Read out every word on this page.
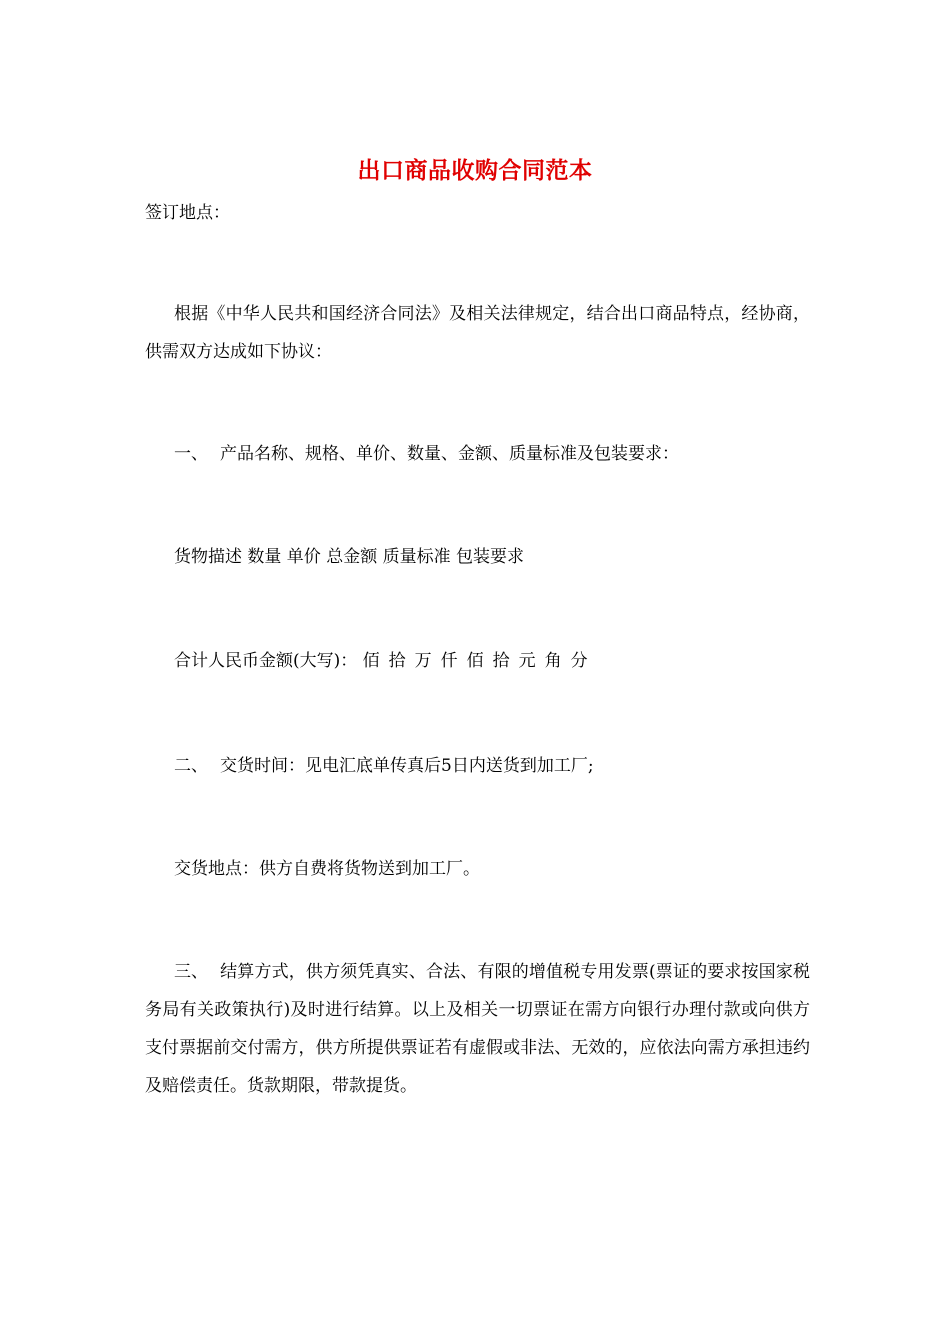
出口商品收购合同范本
签订地点：
根据《中华人民共和国经济合同法》及相关法律规定，结合出口商品特点，经协商，供需双方达成如下协议：
一、 产品名称、规格、单价、数量、金额、质量标准及包装要求：
货物描述 数量 单价 总金额 质量标准 包装要求
合计人民币金额(大写)： 佰 拾 万 仟 佰 拾 元 角 分
二、 交货时间：见电汇底单传真后5日内送货到加工厂;
交货地点：供方自费将货物送到加工厂。
三、 结算方式，供方须凭真实、合法、有限的增值税专用发票(票证的要求按国家税务局有关政策执行)及时进行结算。以上及相关一切票证在需方向银行办理付款或向供方支付票据前交付需方，供方所提供票证若有虚假或非法、无效的，应依法向需方承担违约及赔偿责任。货款期限，带款提货。
